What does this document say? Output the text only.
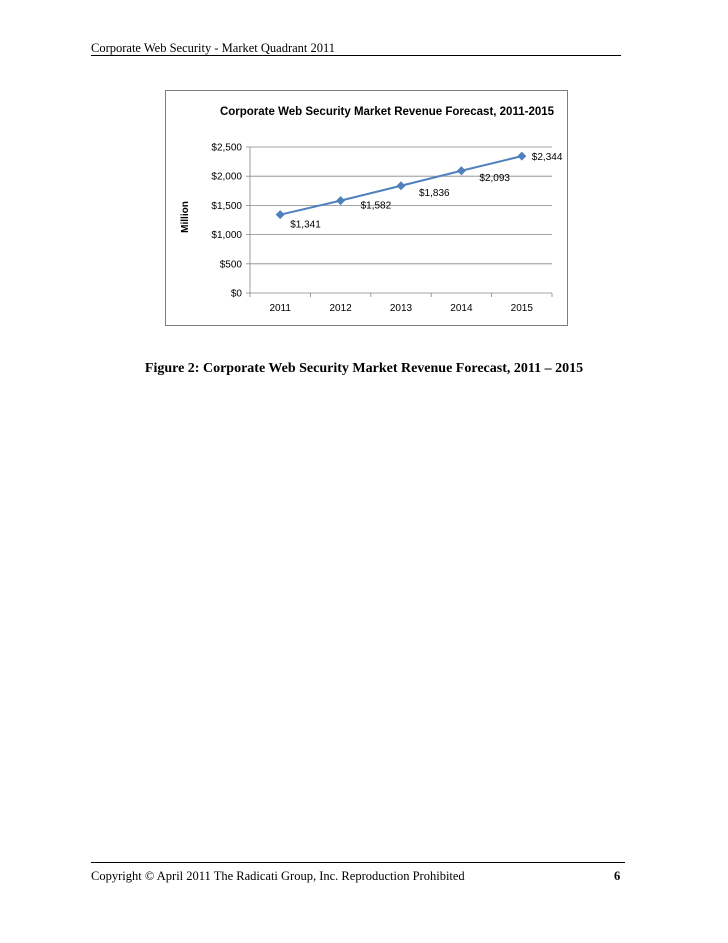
Corporate Web Security - Market Quadrant 2011
Corporate Web Security Market Revenue Forecast, 2011-2015
Million
$0
$500
$1,000
$1,500
$2,000
$2,500
2011	2012	2013	2014	2015
$1,341
$1,582
$1,836
$2,093
$2,344
Figure 2: Corporate Web Security Market Revenue Forecast, 2011 – 2015
Copyright © April 2011 The Radicati Group, Inc. Reproduction Prohibited	6
